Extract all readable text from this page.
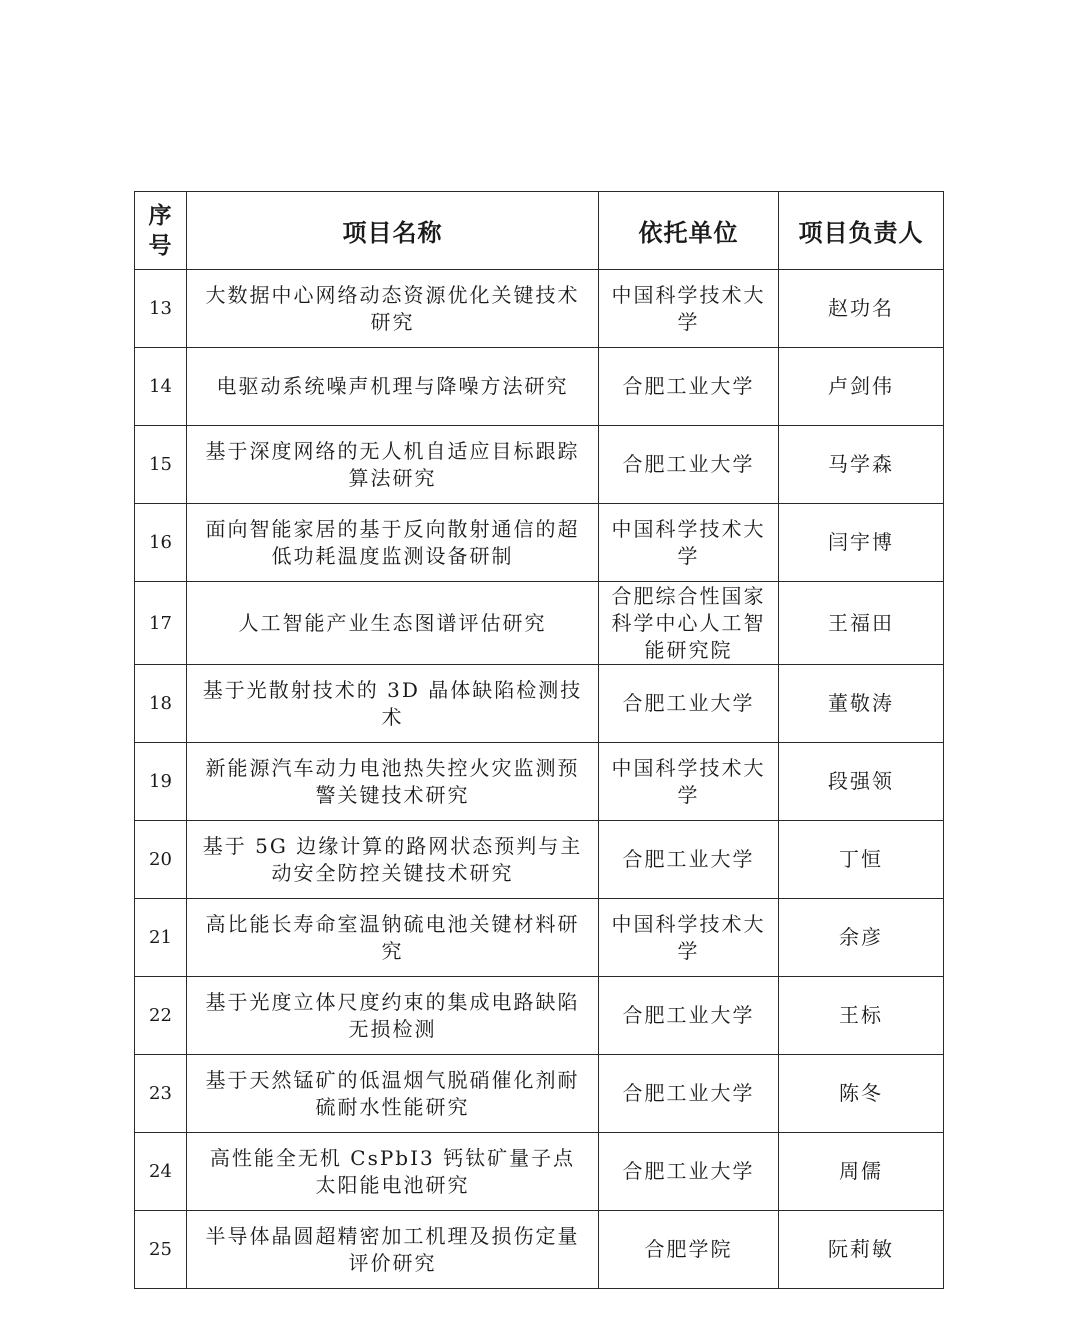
序号	项目名称	依托单位	项目负责人
13	大数据中心网络动态资源优化关键技术研究	中国科学技术大学	赵功名
14	电驱动系统噪声机理与降噪方法研究	合肥工业大学	卢剑伟
15	基于深度网络的无人机自适应目标跟踪算法研究	合肥工业大学	马学森
16	面向智能家居的基于反向散射通信的超低功耗温度监测设备研制	中国科学技术大学	闫宇博
17	人工智能产业生态图谱评估研究	合肥综合性国家科学中心人工智能研究院	王福田
18	基于光散射技术的 3D 晶体缺陷检测技术	合肥工业大学	董敬涛
19	新能源汽车动力电池热失控火灾监测预警关键技术研究	中国科学技术大学	段强领
20	基于 5G 边缘计算的路网状态预判与主动安全防控关键技术研究	合肥工业大学	丁恒
21	高比能长寿命室温钠硫电池关键材料研究	中国科学技术大学	余彦
22	基于光度立体尺度约束的集成电路缺陷无损检测	合肥工业大学	王标
23	基于天然锰矿的低温烟气脱硝催化剂耐硫耐水性能研究	合肥工业大学	陈冬
24	高性能全无机 CsPbI3 钙钛矿量子点太阳能电池研究	合肥工业大学	周儒
25	半导体晶圆超精密加工机理及损伤定量评价研究	合肥学院	阮莉敏
